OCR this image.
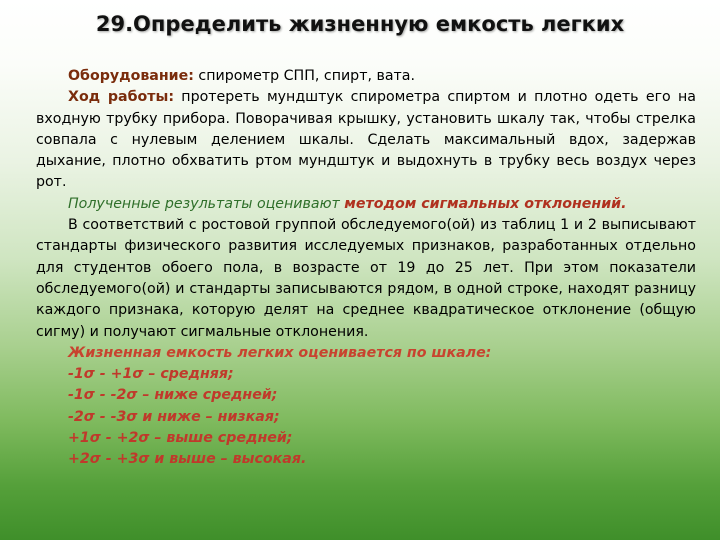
29.Определить жизненную емкость легких

Оборудование: спирометр СПП, спирт, вата.

Ход работы: протереть мундштук спирометра спиртом и плотно одеть его на входную трубку прибора. Поворачивая крышку, установить шкалу так, чтобы стрелка совпала с нулевым делением шкалы. Сделать максимальный вдох, задержав дыхание, плотно обхватить ртом мундштук и выдохнуть в трубку весь воздух через рот.

Полученные результаты оценивают методом сигмальных отклонений.

В соответствий с ростовой группой обследуемого(ой) из таблиц 1 и 2 выписывают стандарты физического развития исследуемых признаков, разработанных отдельно для студентов обоего пола, в возрасте от 19 до 25 лет. При этом показатели обследуемого(ой) и стандарты записываются рядом, в одной строке, находят разницу каждого признака, которую делят на среднее квадратическое отклонение (общую сигму) и получают сигмальные отклонения.

Жизненная емкость легких оценивается по шкале:

-1σ - +1σ – средняя;

-1σ - -2σ – ниже средней;

-2σ - -3σ и ниже – низкая;

+1σ - +2σ – выше средней;

+2σ - +3σ и выше – высокая.
